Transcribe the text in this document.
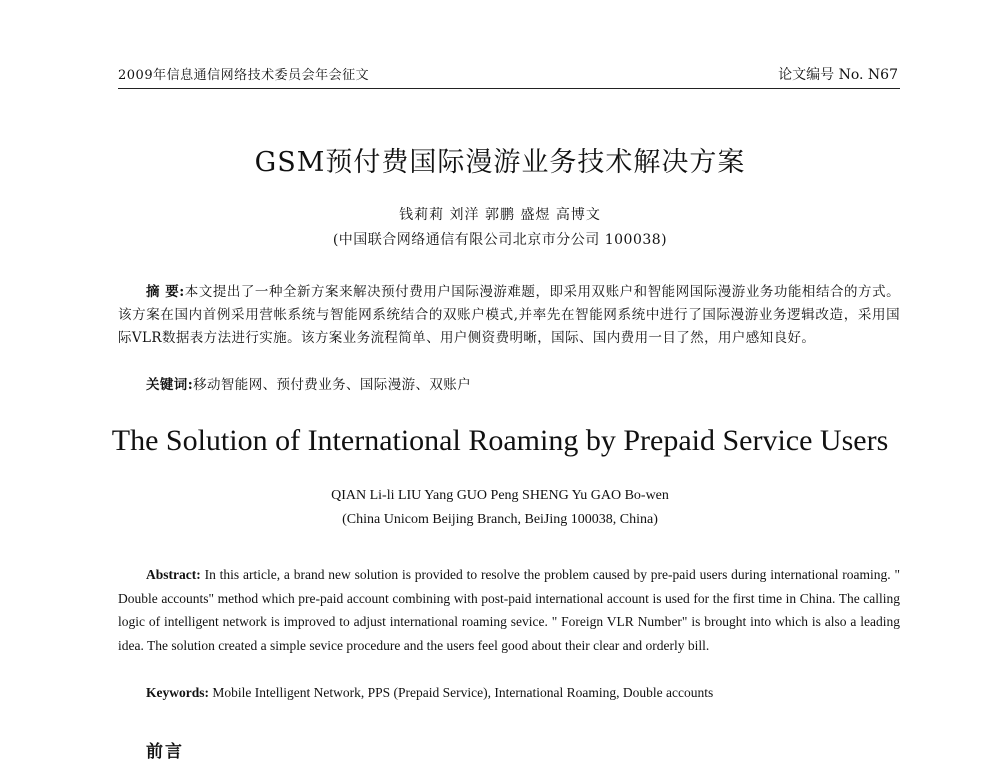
2009年信息通信网络技术委员会年会征文	论文编号 No. N67
GSM预付费国际漫游业务技术解决方案
钱莉莉 刘洋 郭鹏 盛煜 高博文
(中国联合网络通信有限公司北京市分公司 100038)
摘 要:本文提出了一种全新方案来解决预付费用户国际漫游难题，即采用双账户和智能网国际漫游业务功能相结合的方式。该方案在国内首例采用营帐系统与智能网系统结合的双账户模式,并率先在智能网系统中进行了国际漫游业务逻辑改造，采用国际VLR数据表方法进行实施。该方案业务流程简单、用户侧资费明晰，国际、国内费用一目了然，用户感知良好。
关键词:移动智能网、预付费业务、国际漫游、双账户
The Solution of International Roaming by Prepaid Service Users
QIAN Li-li LIU Yang GUO Peng SHENG Yu GAO Bo-wen
(China Unicom Beijing Branch, BeiJing 100038, China)
Abstract: In this article, a brand new solution is provided to resolve the problem caused by pre-paid users during international roaming. " Double accounts" method which pre-paid account combining with post-paid international account is used for the first time in China. The calling logic of intelligent network is improved to adjust international roaming sevice. " Foreign VLR Number" is brought into which is also a leading idea. The solution created a simple sevice procedure and the users feel good about their clear and orderly bill.
Keywords: Mobile Intelligent Network, PPS (Prepaid Service), International Roaming, Double accounts
前言
